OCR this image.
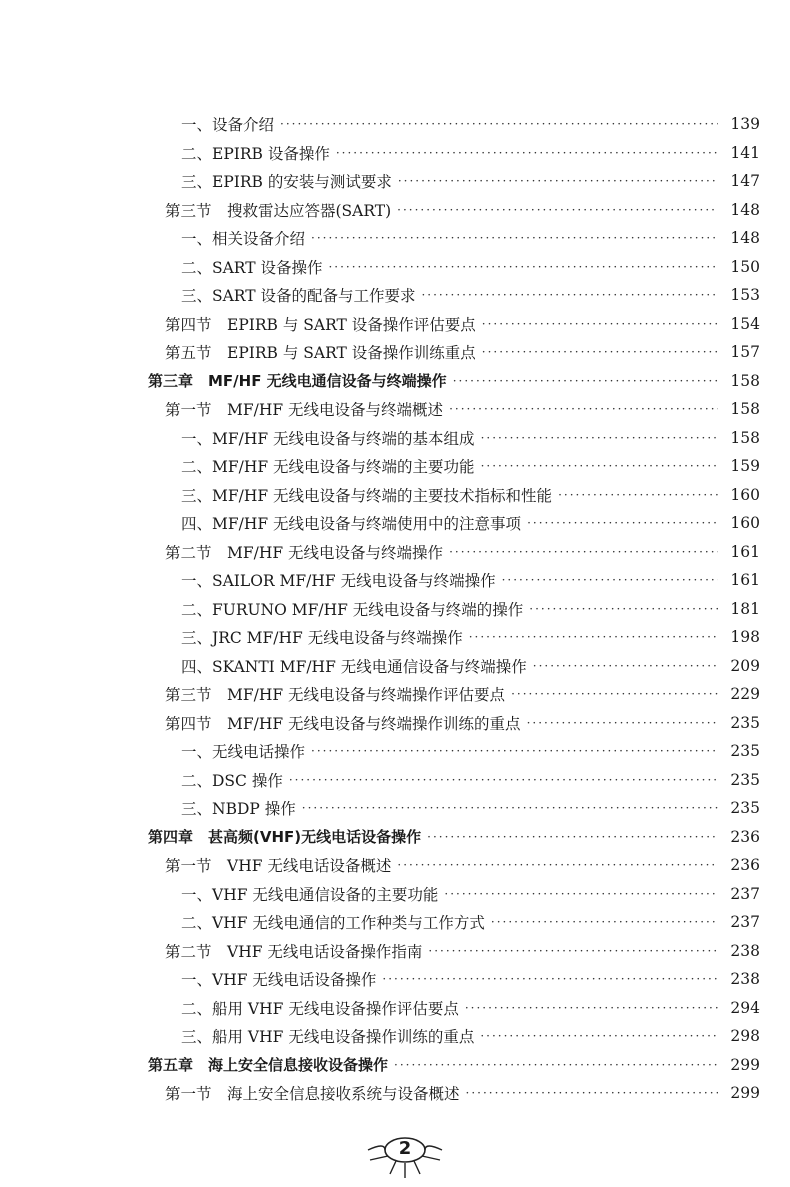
一、设备介绍 ·····	139
二、EPIRB 设备操作 ·····	141
三、EPIRB 的安装与测试要求 ·····	147
第三节　搜救雷达应答器(SART) ·····	148
一、相关设备介绍 ·····	148
二、SART 设备操作 ·····	150
三、SART 设备的配备与工作要求 ·····	153
第四节　EPIRB 与 SART 设备操作评估要点 ·····	154
第五节　EPIRB 与 SART 设备操作训练重点 ·····	157
第三章　MF/HF 无线电通信设备与终端操作 ·····	158
第一节　MF/HF 无线电设备与终端概述 ·····	158
一、MF/HF 无线电设备与终端的基本组成 ·····	158
二、MF/HF 无线电设备与终端的主要功能 ·····	159
三、MF/HF 无线电设备与终端的主要技术指标和性能 ·····	160
四、MF/HF 无线电设备与终端使用中的注意事项 ·····	160
第二节　MF/HF 无线电设备与终端操作 ·····	161
一、SAILOR MF/HF 无线电设备与终端操作 ·····	161
二、FURUNO MF/HF 无线电设备与终端的操作 ·····	181
三、JRC MF/HF 无线电设备与终端操作 ·····	198
四、SKANTI MF/HF 无线电通信设备与终端操作 ·····	209
第三节　MF/HF 无线电设备与终端操作评估要点 ·····	229
第四节　MF/HF 无线电设备与终端操作训练的重点 ·····	235
一、无线电话操作 ·····	235
二、DSC 操作 ·····	235
三、NBDP 操作 ·····	235
第四章　甚高频(VHF)无线电话设备操作 ·····	236
第一节　VHF 无线电话设备概述 ·····	236
一、VHF 无线电通信设备的主要功能 ·····	237
二、VHF 无线电通信的工作种类与工作方式 ·····	237
第二节　VHF 无线电话设备操作指南 ·····	238
一、VHF 无线电话设备操作 ·····	238
二、船用 VHF 无线电设备操作评估要点 ·····	294
三、船用 VHF 无线电设备操作训练的重点 ·····	298
第五章　海上安全信息接收设备操作 ·····	299
第一节　海上安全信息接收系统与设备概述 ·····	299
2
